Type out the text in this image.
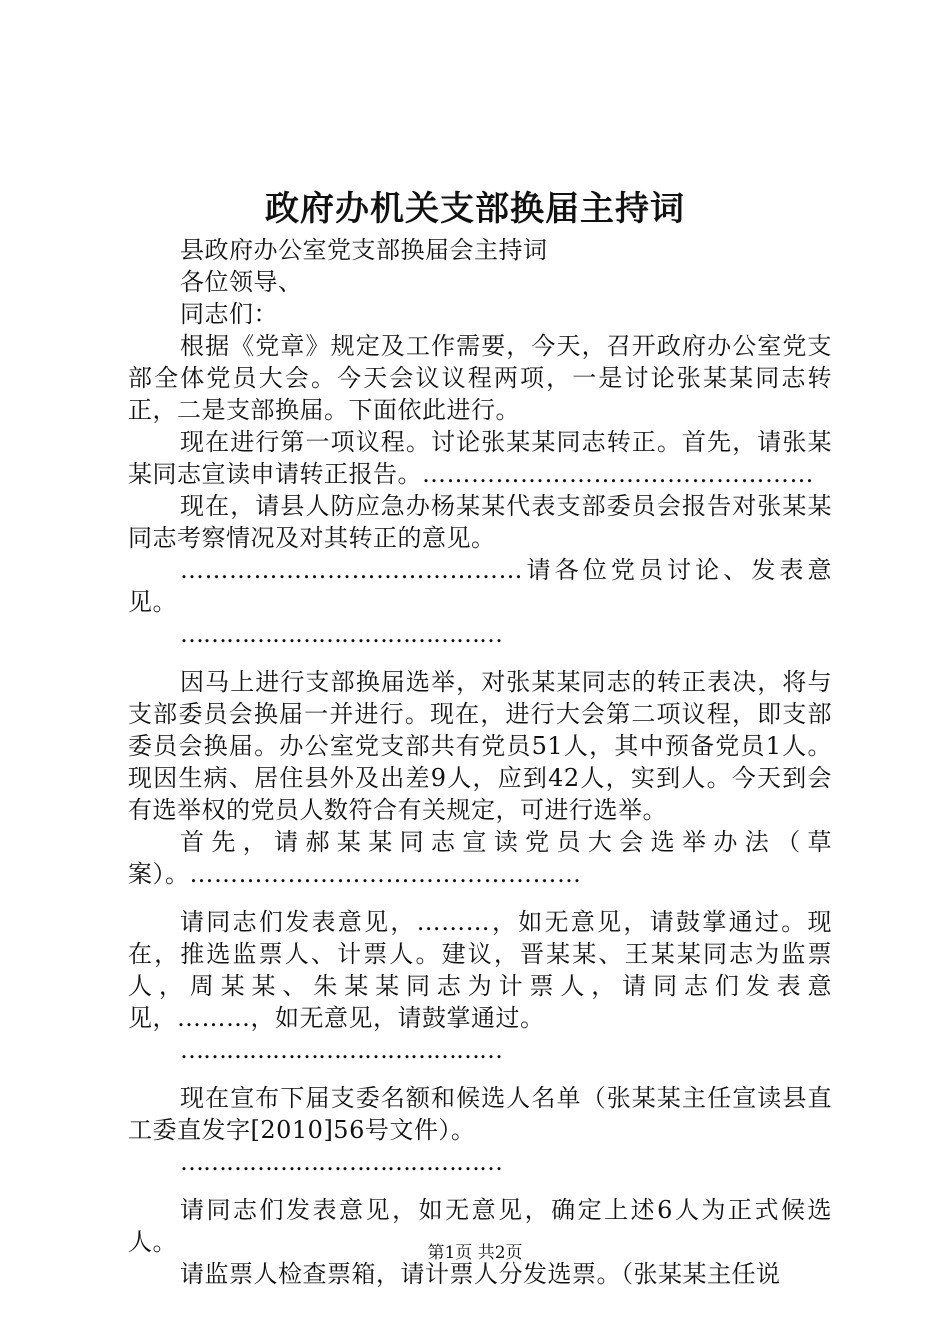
政府办机关支部换届主持词

县政府办公室党支部换届会主持词

各位领导、

同志们：

根据《党章》规定及工作需要，今天，召开政府办公室党支部全体党员大会。今天会议议程两项，一是讨论张某某同志转正，二是支部换届。下面依此进行。

现在进行第一项议程。讨论张某某同志转正。首先，请张某某同志宣读申请转正报告。…………………………………………

现在，请县人防应急办杨某某代表支部委员会报告对张某某同志考察情况及对其转正的意见。

……………………………………请各位党员讨论、发表意见。

……………………………………

因马上进行支部换届选举，对张某某同志的转正表决，将与支部委员会换届一并进行。现在，进行大会第二项议程，即支部委员会换届。办公室党支部共有党员51人，其中预备党员1人。现因生病、居住县外及出差9人，应到42人，实到人。今天到会有选举权的党员人数符合有关规定，可进行选举。

首先，请郝某某同志宣读党员大会选举办法（草案）。…………………………………………

请同志们发表意见，………，如无意见，请鼓掌通过。现在，推选监票人、计票人。建议，晋某某、王某某同志为监票人，周某某、朱某某同志为计票人，请同志们发表意见，………，如无意见，请鼓掌通过。

……………………………………

现在宣布下届支委名额和候选人名单（张某某主任宣读县直工委直发字[2010]56号文件）。

……………………………………

请同志们发表意见，如无意见，确定上述6人为正式候选人。

请监票人检查票箱，请计票人分发选票。（张某某主任说

第1页 共2页
